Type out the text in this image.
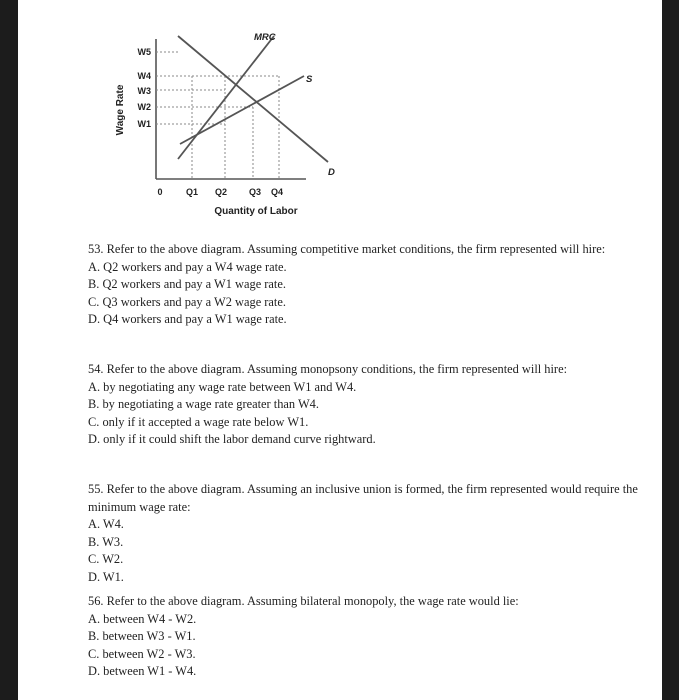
MRC
S
D
Wage Rate
W5
W4
W3
W2
W1
0	Q1 Q2 Q3 Q4
Quantity of Labor

53. Refer to the above diagram. Assuming competitive market conditions, the firm represented will hire:

A. Q2 workers and pay a W4 wage rate.
B. Q2 workers and pay a W1 wage rate.
C. Q3 workers and pay a W2 wage rate.
D. Q4 workers and pay a W1 wage rate.

54. Refer to the above diagram. Assuming monopsony conditions, the firm represented will hire:

A. by negotiating any wage rate between W1 and W4.
B. by negotiating a wage rate greater than W4.
C. only if it accepted a wage rate below W1.
D. only if it could shift the labor demand curve rightward.

55. Refer to the above diagram. Assuming an inclusive union is formed, the firm represented would require the minimum wage rate:

A. W4.
B. W3.
C. W2.
D. W1.

56. Refer to the above diagram. Assuming bilateral monopoly, the wage rate would lie:

A. between W4 - W2.
B. between W3 - W1.
C. between W2 - W3.
D. between W1 - W4.
